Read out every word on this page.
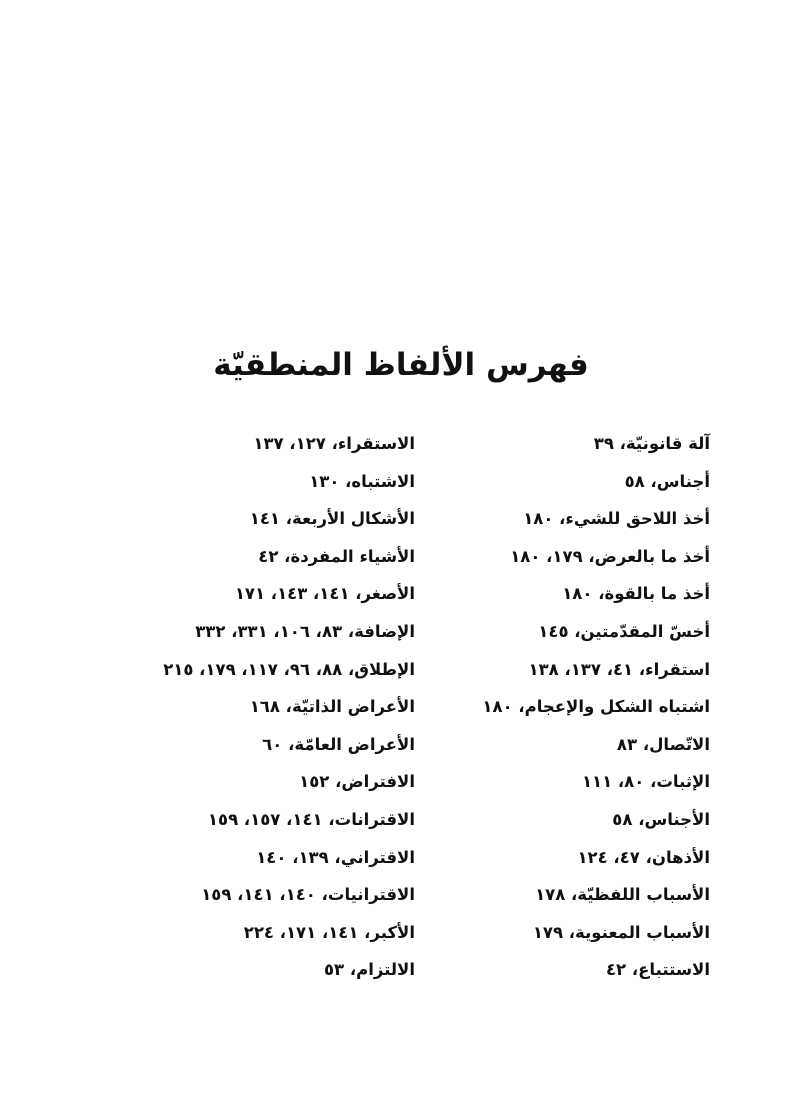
فهرس الألفاظ المنطقيّة
آلة قانونيّة، ٣٩
أجناس، ٥٨
أخذ اللاحق للشيء، ١٨٠
أخذ ما بالعرض، ١٧٩، ١٨٠
أخذ ما بالقوة، ١٨٠
أخسّ المقدّمتين، ١٤٥
استقراء، ٤١، ١٣٧، ١٣٨
اشتباه الشكل والإعجام، ١٨٠
الاتّصال، ٨٣
الإثبات، ٨٠، ١١١
الأجناس، ٥٨
الأذهان، ٤٧، ١٢٤
الأسباب اللفظيّة، ١٧٨
الأسباب المعنوية، ١٧٩
الاستتباع، ٤٢
الاستقراء، ١٢٧، ١٣٧
الاشتباه، ١٣٠
الأشكال الأربعة، ١٤١
الأشياء المفردة، ٤٢
الأصغر، ١٤١، ١٤٣، ١٧١
الإضافة، ٨٣، ١٠٦، ٣٣١، ٣٣٢
الإطلاق، ٨٨، ٩٦، ١١٧، ١٧٩، ٢١٥
الأعراض الذاتيّة، ١٦٨
الأعراض العامّة، ٦٠
الافتراض، ١٥٢
الاقترانات، ١٤١، ١٥٧، ١٥٩
الاقتراني، ١٣٩، ١٤٠
الاقترانيات، ١٤٠، ١٤١، ١٥٩
الأكبر، ١٤١، ١٧١، ٢٢٤
الالتزام، ٥٣
